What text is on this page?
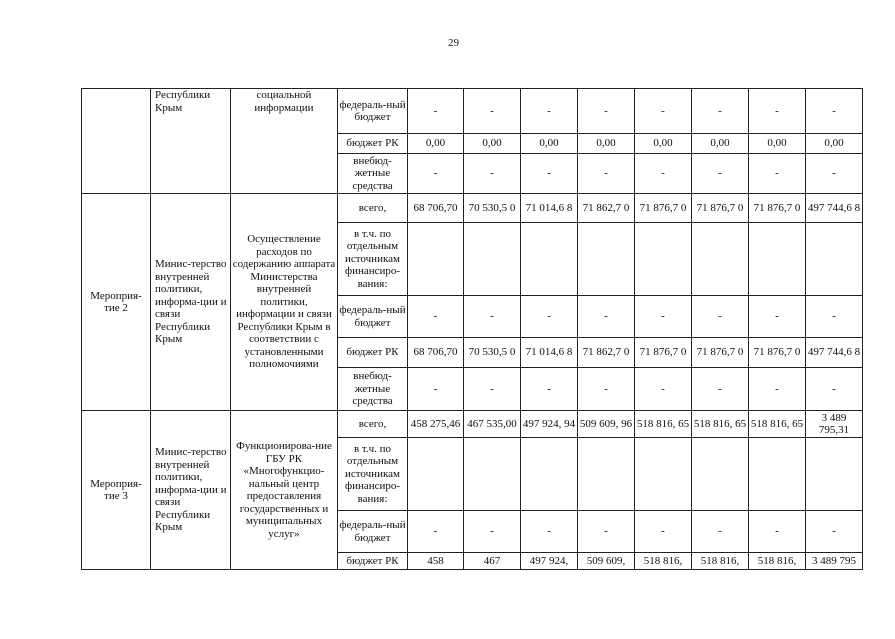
29
	Республики Крым	социальной информации	федераль-ный бюджет	-	-	-	-	-	-	-	-
			бюджет РК	0,00	0,00	0,00	0,00	0,00	0,00	0,00	0,00
			внебюд-жетные средства	-	-	-	-	-	-	-	-
Мероприя-тие 2	Минис-терство внутренней политики, информа-ции и связи Республики Крым	Осуществление расходов по содержанию аппарата Министерства внутренней политики, информации и связи Республики Крым в соответствии с установленными полномочиями	всего,	68 706,70	70 530,5 0	71 014,6 8	71 862,7 0	71 876,7 0	71 876,7 0	71 876,7 0	497 744,6 8
			в т.ч. по отдельным источникам финансиро-вания:								
			федераль-ный бюджет	-	-	-	-	-	-	-	-
			бюджет РК	68 706,70	70 530,5 0	71 014,6 8	71 862,7 0	71 876,7 0	71 876,7 0	71 876,7 0	497 744,6 8
			внебюд-жетные средства	-	-	-	-	-	-	-	-
Мероприя-тие 3	Минис-терство внутренней политики, информа-ции и связи Республики Крым	Функционирова-ние ГБУ РК «Многофункцио-нальный центр предоставления государственных и муниципальных услуг»	всего,	458 275,46	467 535,00	497 924, 94	509 609, 96	518 816, 65	518 816, 65	518 816, 65	3 489 795,31
			в т.ч. по отдельным источникам финансиро-вания:								
			федераль-ный бюджет	-	-	-	-	-	-	-	-
			бюджет РК	458	467	497 924,	509 609,	518 816,	518 816,	518 816,	3 489 795
